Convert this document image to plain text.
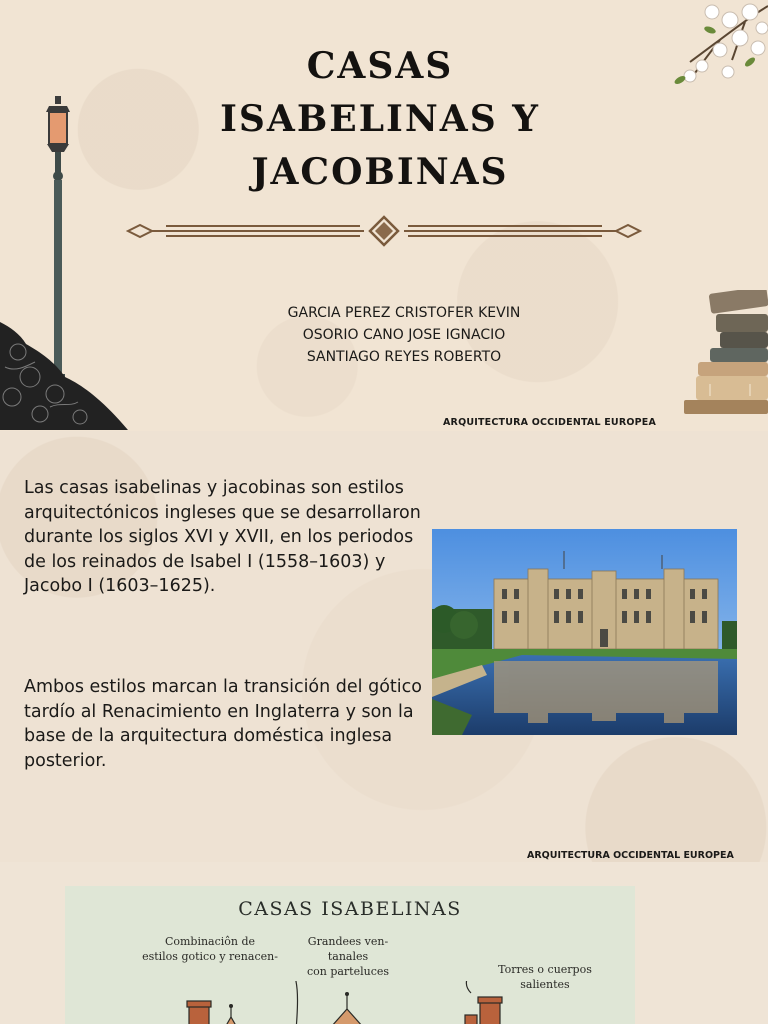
CASAS
ISABELINAS Y
JACOBINAS
GARCIA PEREZ CRISTOFER KEVIN
OSORIO CANO JOSE IGNACIO
SANTIAGO REYES ROBERTO
ARQUITECTURA OCCIDENTAL EUROPEA

Las casas isabelinas y jacobinas son estilos arquitectónicos ingleses que se desarrollaron durante los siglos XVI y XVII, en los periodos de los reinados de Isabel I (1558–1603) y Jacobo I (1603–1625).

Ambos estilos marcan la transición del gótico tardío al Renacimiento en Inglaterra y son la base de la arquitectura doméstica inglesa posterior.

ARQUITECTURA OCCIDENTAL EUROPEA
CASAS ISABELINAS
Combinaciôn de
estilos gotico y renacen-
Grandees ven-
tanales
con parteluces	Torres o cuerpos
salientes
